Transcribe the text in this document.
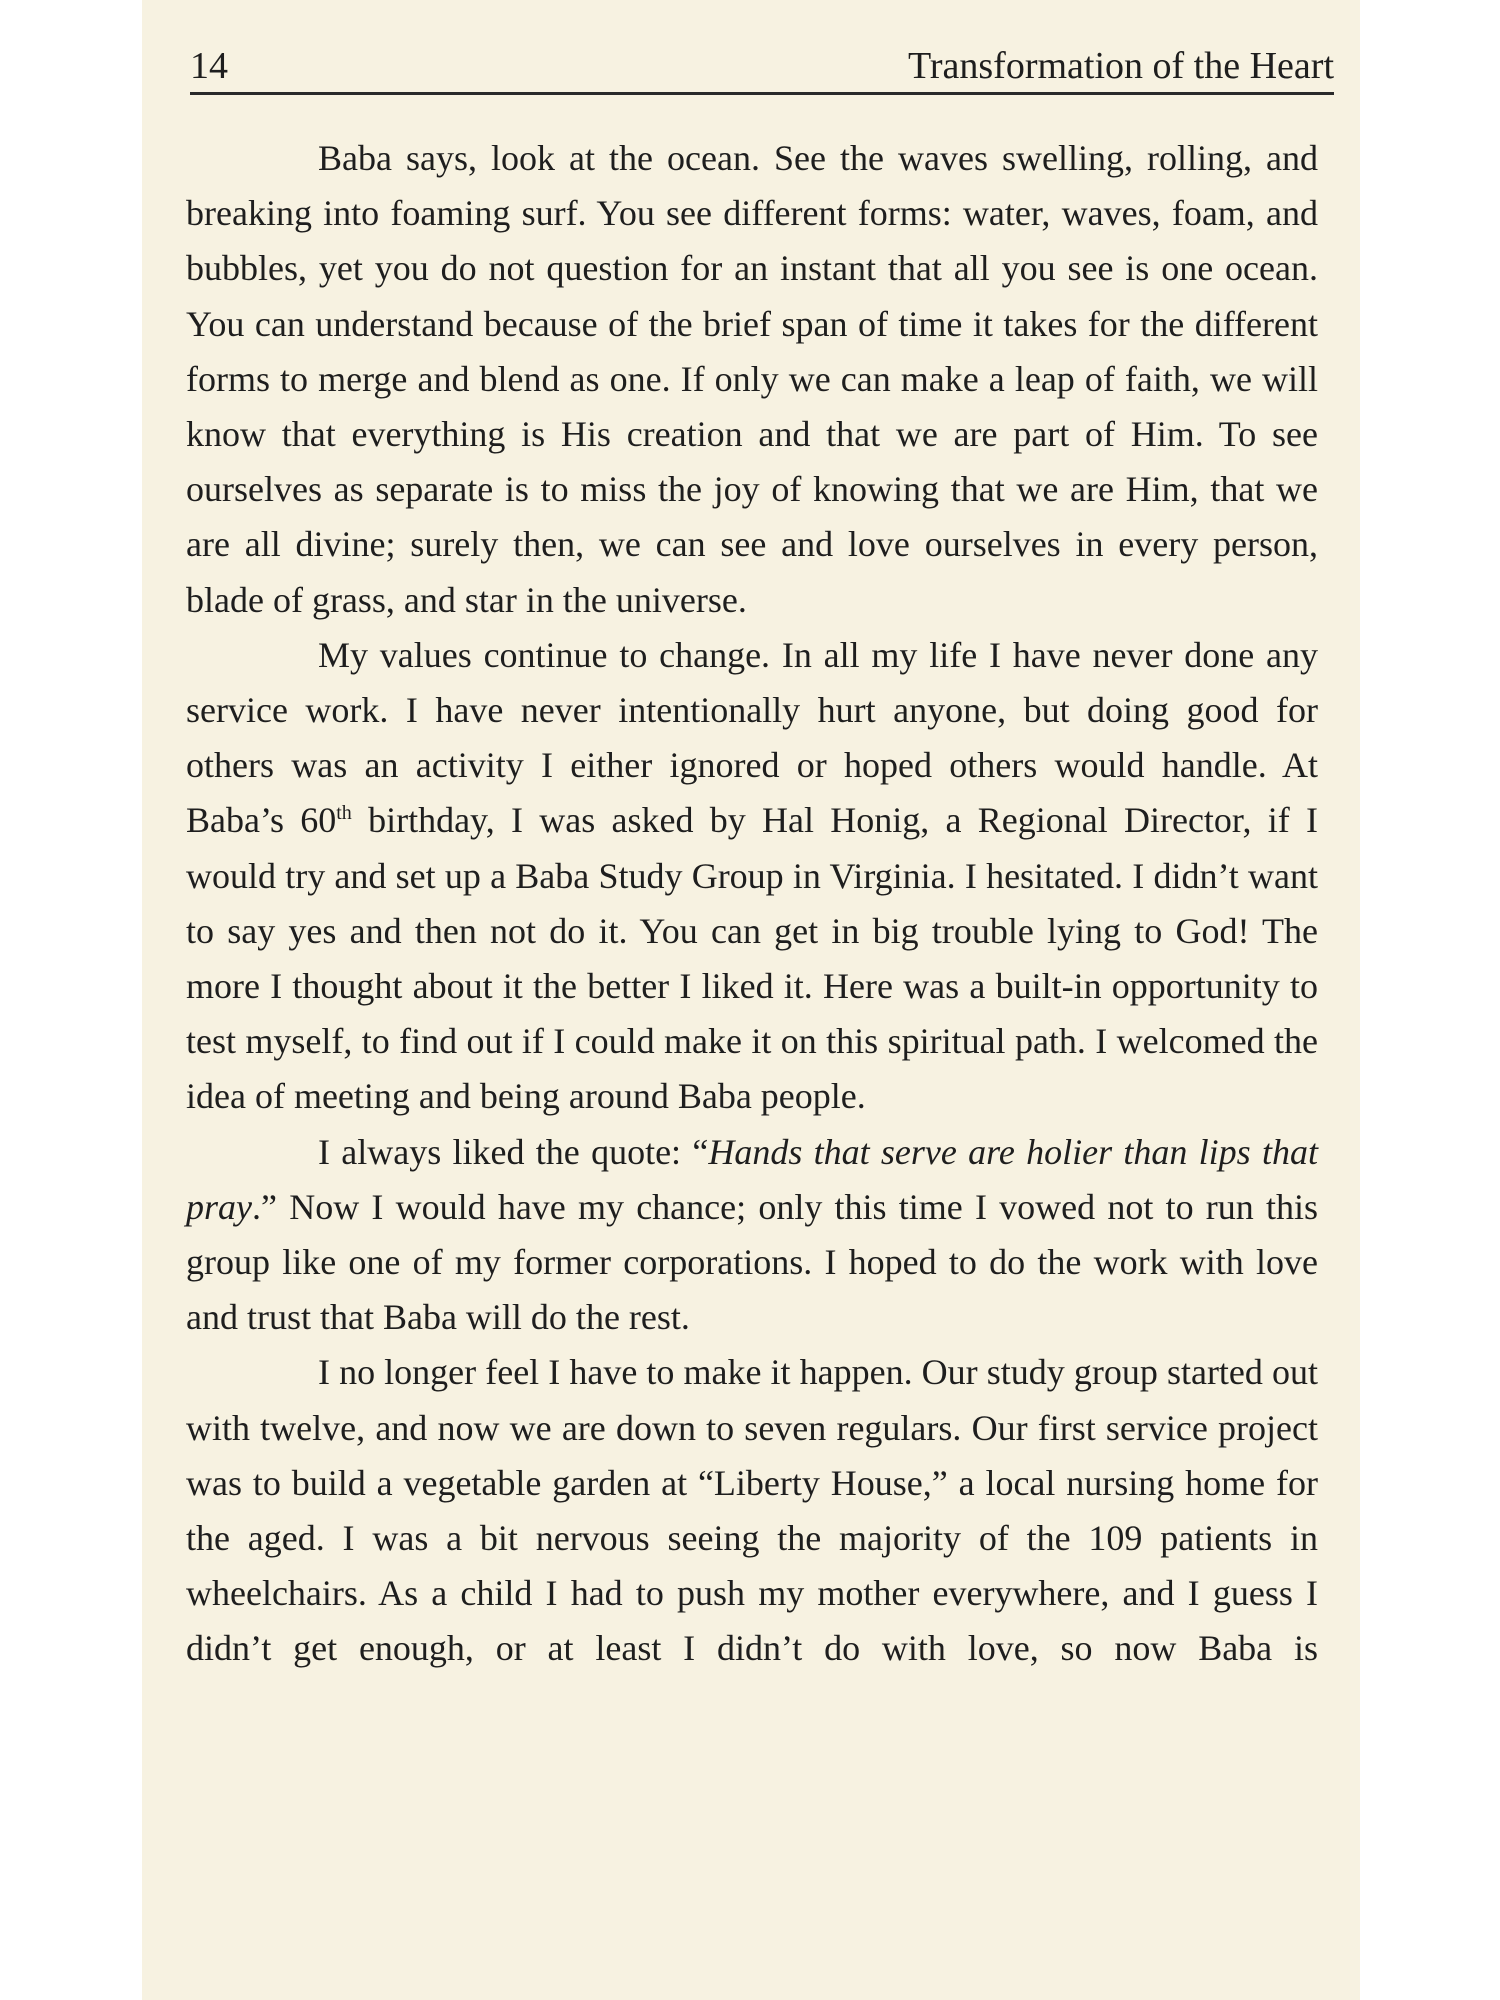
14	Transformation of the Heart

Baba says, look at the ocean. See the waves swelling, rolling, and breaking into foaming surf. You see different forms: water, waves, foam, and bubbles, yet you do not question for an instant that all you see is one ocean. You can understand because of the brief span of time it takes for the different forms to merge and blend as one. If only we can make a leap of faith, we will know that everything is His creation and that we are part of Him. To see ourselves as separate is to miss the joy of knowing that we are Him, that we are all divine; surely then, we can see and love ourselves in every person, blade of grass, and star in the universe.

My values continue to change. In all my life I have never done any service work. I have never intentionally hurt anyone, but doing good for others was an activity I either ignored or hoped others would handle. At Baba’s 60th birthday, I was asked by Hal Honig, a Regional Director, if I would try and set up a Baba Study Group in Virginia. I hesitated. I didn’t want to say yes and then not do it. You can get in big trouble lying to God! The more I thought about it the better I liked it. Here was a built-in opportunity to test myself, to find out if I could make it on this spiritual path. I welcomed the idea of meeting and being around Baba people.

I always liked the quote: “Hands that serve are holier than lips that pray.” Now I would have my chance; only this time I vowed not to run this group like one of my former corporations. I hoped to do the work with love and trust that Baba will do the rest.

I no longer feel I have to make it happen. Our study group started out with twelve, and now we are down to seven regulars. Our first service project was to build a vegetable garden at “Liberty House,” a local nursing home for the aged. I was a bit nervous seeing the majority of the 109 patients in wheelchairs. As a child I had to push my mother everywhere, and I guess I didn’t get enough, or at least I didn’t do with love, so now Baba is
